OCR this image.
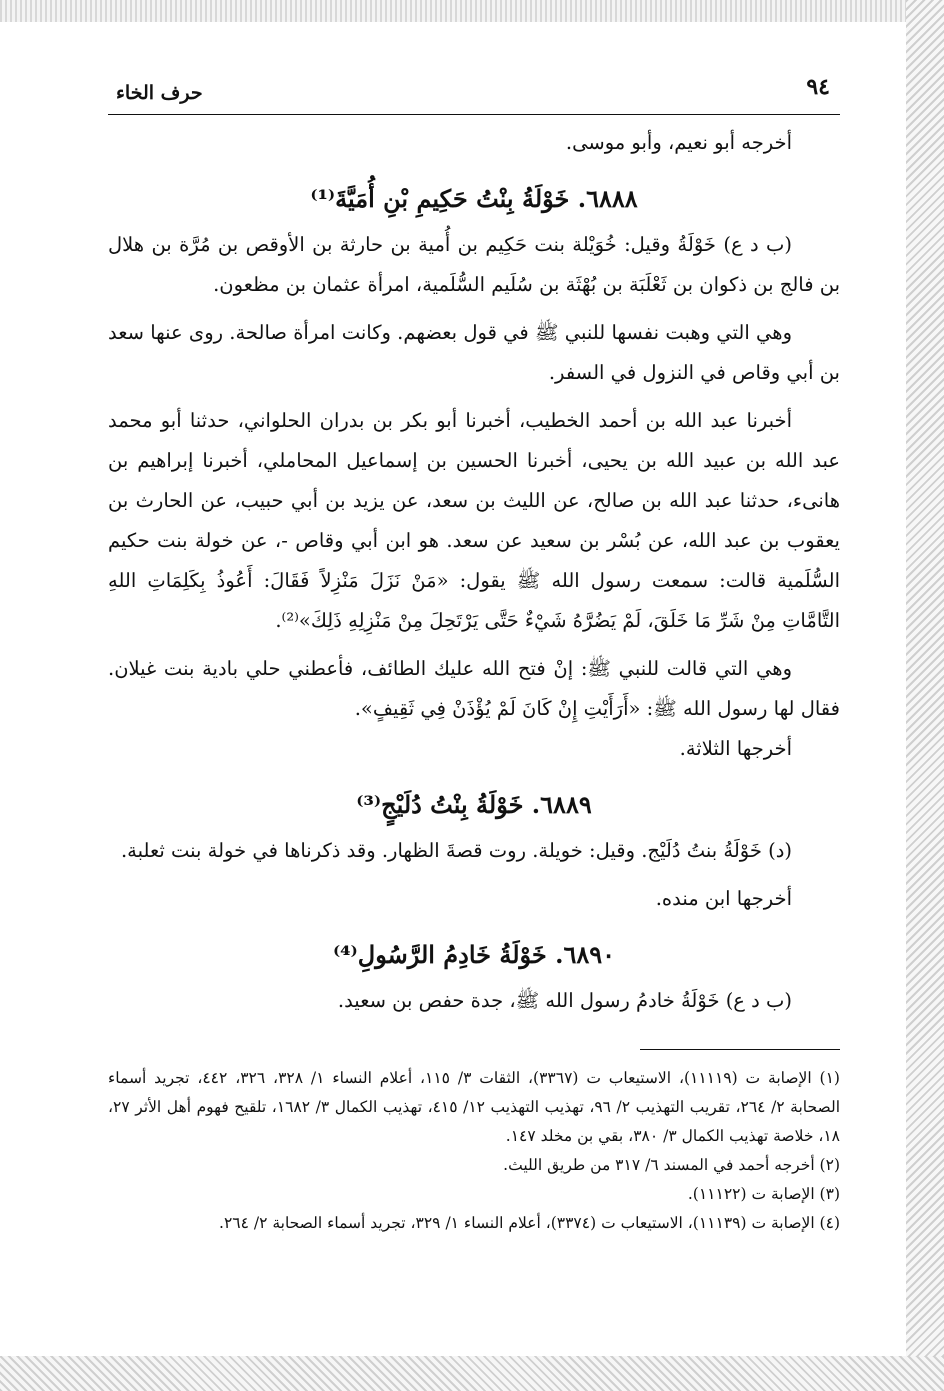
٩٤
حرف الخاء

أخرجه أبو نعيم، وأبو موسى.

٦٨٨٨. خَوْلَةُ بِنْتُ حَكِيمِ بْنِ أُمَيَّةَ⁽¹⁾

(ب د ع) خَوْلَةُ وقيل: خُوَيْلة بنت حَكِيم بن أُمية بن حارثة بن الأوقص بن مُرَّة بن هلال بن فالج بن ذكوان بن ثَعْلَبَة بن بُهْثَة بن سُلَيم السُّلَمية، امرأة عثمان بن مظعون.

وهي التي وهبت نفسها للنبي ﷺ في قول بعضهم. وكانت امرأة صالحة. روى عنها سعد بن أبي وقاص في النزول في السفر.

أخبرنا عبد الله بن أحمد الخطيب، أخبرنا أبو بكر بن بدران الحلواني، حدثنا أبو محمد عبد الله بن عبيد الله بن يحيى، أخبرنا الحسين بن إسماعيل المحاملي، أخبرنا إبراهيم بن هانىء، حدثنا عبد الله بن صالح، عن الليث بن سعد، عن يزيد بن أبي حبيب، عن الحارث بن يعقوب بن عبد الله، عن بُسْر بن سعيد عن سعد. هو ابن أبي وقاص -، عن خولة بنت حكيم السُّلَمية قالت: سمعت رسول الله ﷺ يقول: «مَنْ نَزَلَ مَنْزِلاً فَقَالَ: أَعُوذُ بِكَلِمَاتِ اللهِ التَّامَّاتِ مِنْ شَرِّ مَا خَلَقَ، لَمْ يَضُرَّهُ شَيْءٌ حَتَّى يَرْتَحِلَ مِنْ مَنْزِلِهِ ذَلِكَ»⁽²⁾.

وهي التي قالت للنبي ﷺ: إنْ فتح الله عليك الطائف، فأعطني حلي بادية بنت غيلان. فقال لها رسول الله ﷺ: «أَرَأَيْتِ إِنْ كَانَ لَمْ يُؤْذَنْ فِي ثَقِيفٍ».

أخرجها الثلاثة.

٦٨٨٩. خَوْلَةُ بِنْتُ دُلَيْجٍ⁽³⁾

(د) خَوْلَةُ بنتُ دُلَيْج. وقيل: خويلة. روت قصةَ الظهار. وقد ذكرناها في خولة بنت ثعلبة.

أخرجها ابن منده.

٦٨٩٠. خَوْلَةُ خَادِمُ الرَّسُولِ⁽⁴⁾

(ب د ع) خَوْلَةُ خادمُ رسول الله ﷺ، جدة حفص بن سعيد.

(١) الإصابة ت (١١١١٩)، الاستيعاب ت (٣٣٦٧)، الثقات ٣/ ١١٥، أعلام النساء ١/ ٣٢٨، ٣٢٦، ٤٤٢، تجريد أسماء الصحابة ٢/ ٢٦٤، تقريب التهذيب ٢/ ٩٦، تهذيب التهذيب ١٢/ ٤١٥، تهذيب الكمال ٣/ ١٦٨٢، تلقيح فهوم أهل الأثر ٢٧، ١٨، خلاصة تهذيب الكمال ٣/ ٣٨٠، بقي بن مخلد ١٤٧.

(٢) أخرجه أحمد في المسند ٦/ ٣١٧ من طريق الليث.

(٣) الإصابة ت (١١١٢٢).

(٤) الإصابة ت (١١١٣٩)، الاستيعاب ت (٣٣٧٤)، أعلام النساء ١/ ٣٢٩، تجريد أسماء الصحابة ٢/ ٢٦٤.
